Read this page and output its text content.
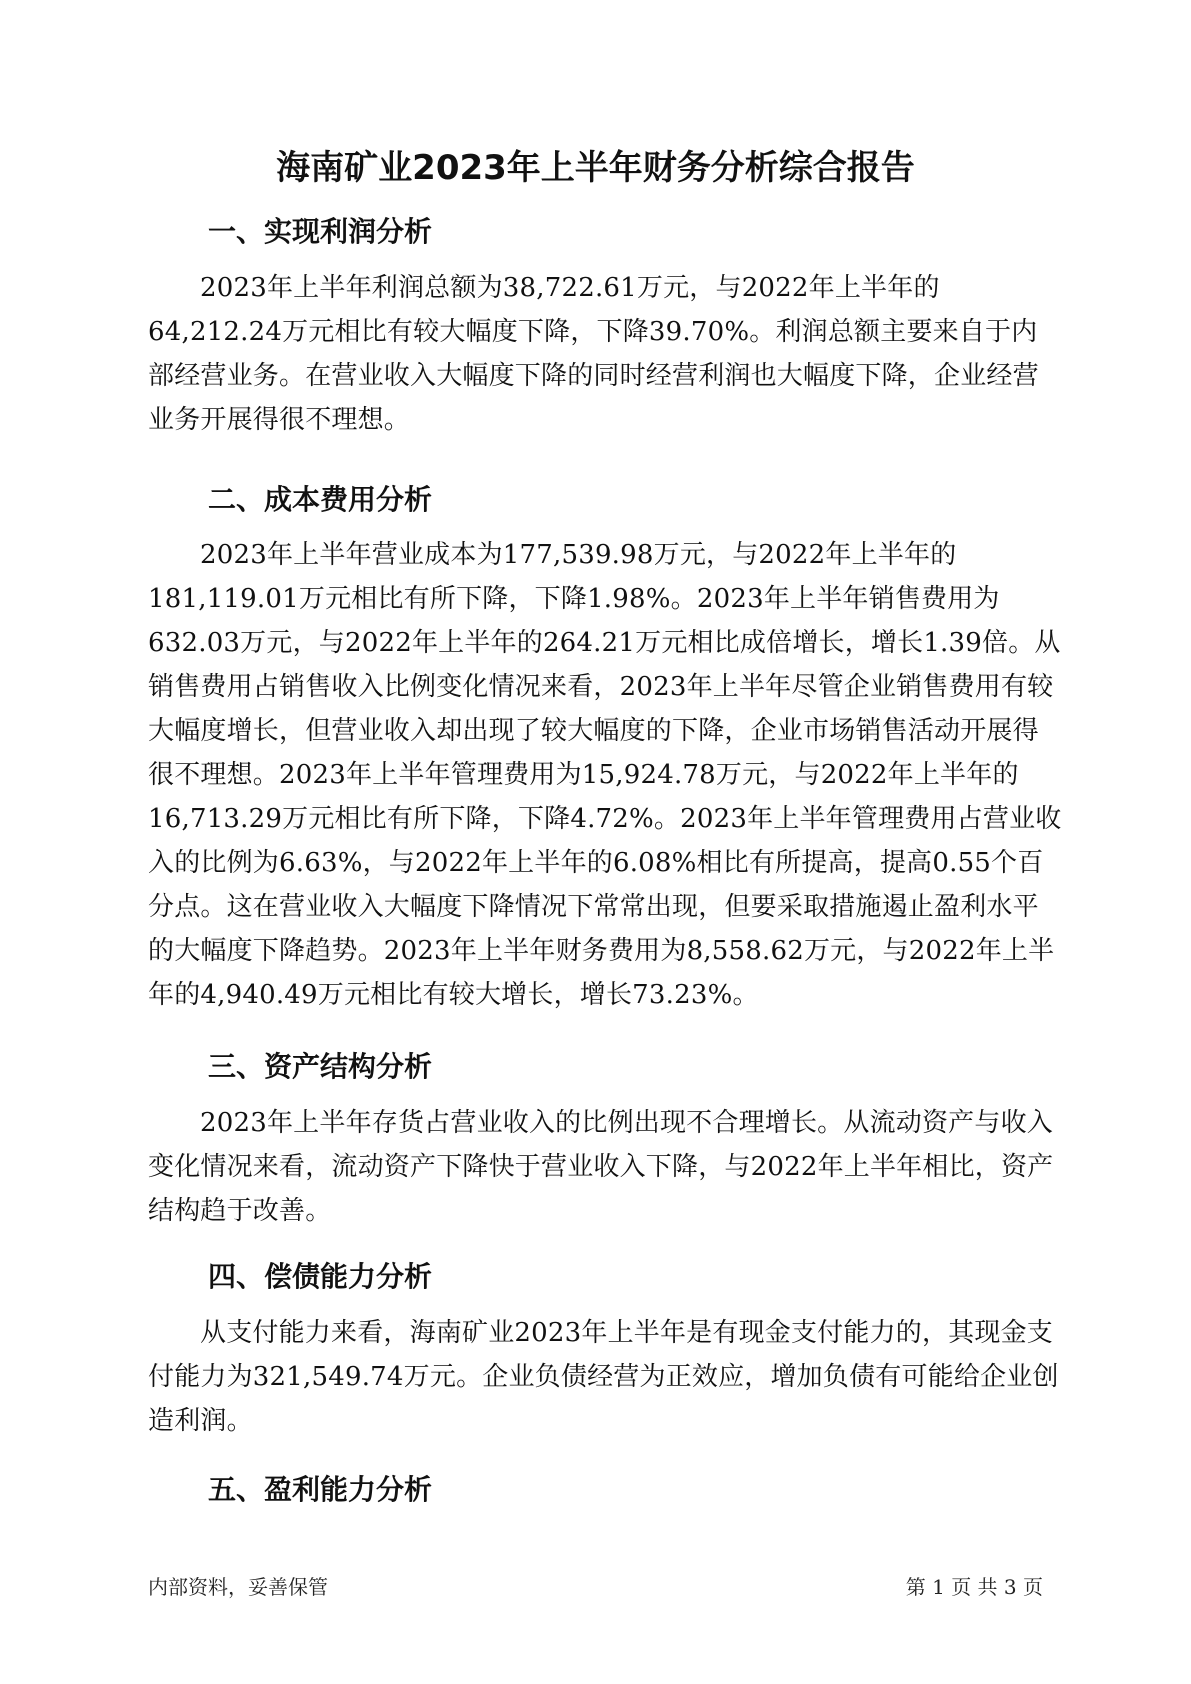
海南矿业2023年上半年财务分析综合报告
一、实现利润分析

2023年上半年利润总额为38,722.61万元，与2022年上半年的64,212.24万元相比有较大幅度下降，下降39.70%。利润总额主要来自于内部经营业务。在营业收入大幅度下降的同时经营利润也大幅度下降，企业经营业务开展得很不理想。

二、成本费用分析

2023年上半年营业成本为177,539.98万元，与2022年上半年的181,119.01万元相比有所下降，下降1.98%。2023年上半年销售费用为632.03万元，与2022年上半年的264.21万元相比成倍增长，增长1.39倍。从销售费用占销售收入比例变化情况来看，2023年上半年尽管企业销售费用有较大幅度增长，但营业收入却出现了较大幅度的下降，企业市场销售活动开展得很不理想。2023年上半年管理费用为15,924.78万元，与2022年上半年的16,713.29万元相比有所下降，下降4.72%。2023年上半年管理费用占营业收入的比例为6.63%，与2022年上半年的6.08%相比有所提高，提高0.55个百分点。这在营业收入大幅度下降情况下常常出现，但要采取措施遏止盈利水平的大幅度下降趋势。2023年上半年财务费用为8,558.62万元，与2022年上半年的4,940.49万元相比有较大增长，增长73.23%。

三、资产结构分析

2023年上半年存货占营业收入的比例出现不合理增长。从流动资产与收入变化情况来看，流动资产下降快于营业收入下降，与2022年上半年相比，资产结构趋于改善。

四、偿债能力分析

从支付能力来看，海南矿业2023年上半年是有现金支付能力的，其现金支付能力为321,549.74万元。企业负债经营为正效应，增加负债有可能给企业创造利润。

五、盈利能力分析
内部资料，妥善保管	第 1 页 共 3 页
